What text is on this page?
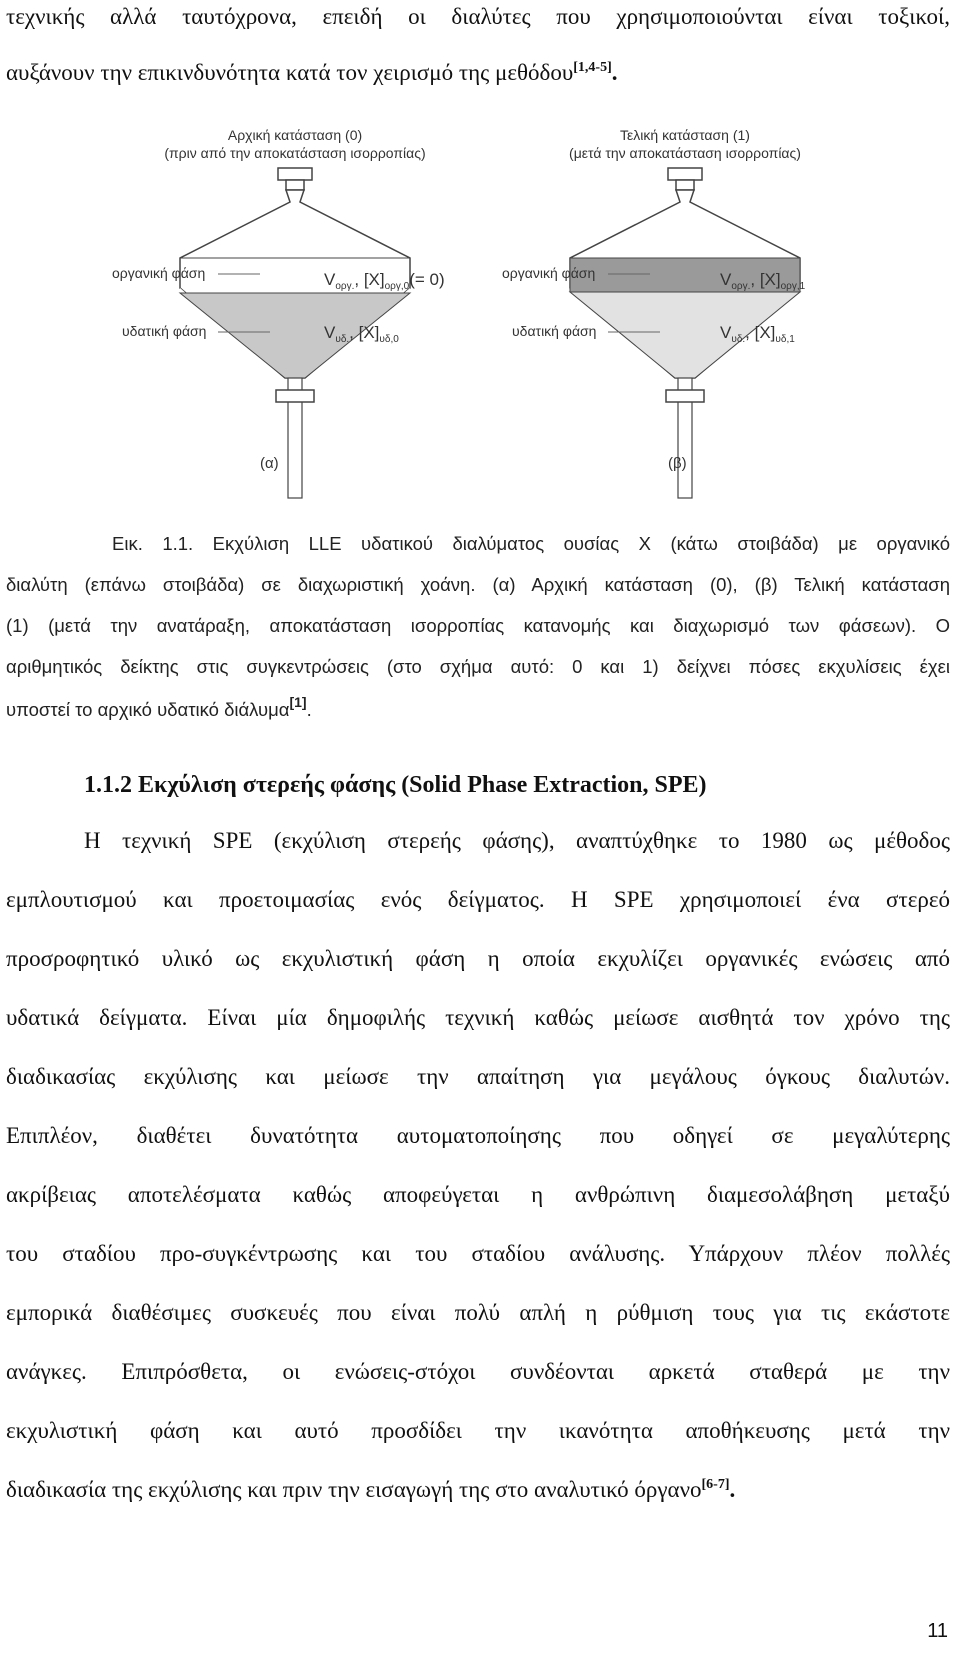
τεχνικής αλλά ταυτόχρονα, επειδή οι διαλύτες που χρησιμοποιούνται είναι τοξικοί,
αυξάνουν την επικινδυνότητα κατά τον χειρισμό της μεθόδου[1,4-5].
Αρχική κατάσταση (0)
(πριν από την αποκατάσταση ισορροπίας)
οργανική φάση
υδατική φάση
$V_{o\rho\gamma.}$, $[X]_{o\rho\gamma,0}(= 0)$
$V_{\upsilon\delta.}$, $[X]_{\upsilon\delta,0}$
(α)
Τελική κατάσταση (1)
(μετά την αποκατάσταση ισορροπίας)
οργανική φάση
υδατική φάση
$V_{o\rho\gamma.}$, $[X]_{o\rho\gamma,1}$
$V_{\upsilon\delta.}$, $[X]_{\upsilon\delta,1}$
(β)
Εικ. 1.1. Εκχύλιση LLE υδατικού διαλύματος ουσίας X (κάτω στοιβάδα) με οργανικό
διαλύτη (επάνω στοιβάδα) σε διαχωριστική χοάνη. (α) Αρχική κατάσταση (0), (β) Τελική κατάσταση
(1) (μετά την ανατάραξη, αποκατάσταση ισορροπίας κατανομής και διαχωρισμό των φάσεων). Ο
αριθμητικός δείκτης στις συγκεντρώσεις (στο σχήμα αυτό: 0 και 1) δείχνει πόσες εκχυλίσεις έχει
υποστεί το αρχικό υδατικό διάλυμα[1].
1.1.2 Εκχύλιση στερεής φάσης (Solid Phase Extraction, SPE)
Η τεχνική SPE (εκχύλιση στερεής φάσης), αναπτύχθηκε το 1980 ως μέθοδος
εμπλουτισμού και προετοιμασίας ενός δείγματος. Η SPE χρησιμοποιεί ένα στερεό
προσροφητικό υλικό ως εκχυλιστική φάση η οποία εκχυλίζει οργανικές ενώσεις από
υδατικά δείγματα. Είναι μία δημοφιλής τεχνική καθώς μείωσε αισθητά τον χρόνο της
διαδικασίας εκχύλισης και μείωσε την απαίτηση για μεγάλους όγκους διαλυτών.
Επιπλέον, διαθέτει δυνατότητα αυτοματοποίησης που οδηγεί σε μεγαλύτερης
ακρίβειας αποτελέσματα καθώς αποφεύγεται η ανθρώπινη διαμεσολάβηση μεταξύ
του σταδίου προ-συγκέντρωσης και του σταδίου ανάλυσης. Υπάρχουν πλέον πολλές
εμπορικά διαθέσιμες συσκευές που είναι πολύ απλή η ρύθμιση τους για τις εκάστοτε
ανάγκες. Επιπρόσθετα, οι ενώσεις-στόχοι συνδέονται αρκετά σταθερά με την
εκχυλιστική φάση και αυτό προσδίδει την ικανότητα αποθήκευσης μετά την
διαδικασία της εκχύλισης και πριν την εισαγωγή της στο αναλυτικό όργανο[6-7].
11
